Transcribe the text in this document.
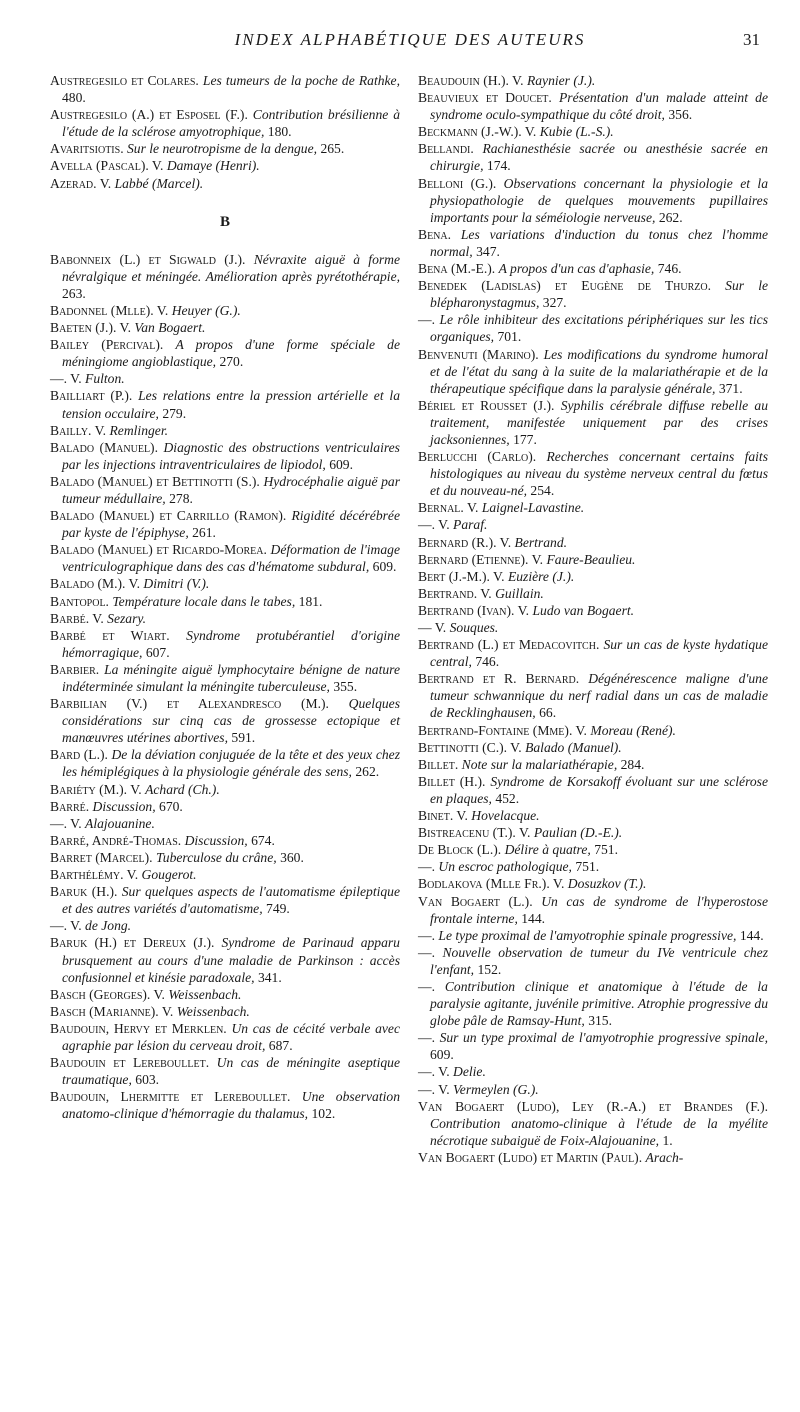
INDEX ALPHABÉTIQUE DES AUTEURS	31

Austregesilo et Colares. Les tumeurs de la poche de Rathke, 480.

Austregesilo (A.) et Esposel (F.). Contribution brésilienne à l'étude de la sclérose amyotrophique, 180.

Avaritsiotis. Sur le neurotropisme de la dengue, 265.

Avella (Pascal). V. Damaye (Henri).

Azerad. V. Labbé (Marcel).

B

Babonneix (L.) et Sigwald (J.). Névraxite aiguë à forme névralgique et méningée. Amélioration après pyrétothérapie, 263.

Badonnel (Mlle). V. Heuyer (G.).

Baeten (J.). V. Van Bogaert.

Bailey (Percival). A propos d'une forme spéciale de méningiome angioblastique, 270.

—. V. Fulton.

Bailliart (P.). Les relations entre la pression artérielle et la tension occulaire, 279.

Bailly. V. Remlinger.

Balado (Manuel). Diagnostic des obstructions ventriculaires par les injections intraventriculaires de lipiodol, 609.

Balado (Manuel) et Bettinotti (S.). Hydrocéphalie aiguë par tumeur médullaire, 278.

Balado (Manuel) et Carrillo (Ramon). Rigidité décérébrée par kyste de l'épiphyse, 261.

Balado (Manuel) et Ricardo-Morea. Déformation de l'image ventriculographique dans des cas d'hématome subdural, 609.

Balado (M.). V. Dimitri (V.).

Bantopol. Température locale dans le tabes, 181.

Barbé. V. Sezary.

Barbé et Wiart. Syndrome protubérantiel d'origine hémorragique, 607.

Barbier. La méningite aiguë lymphocytaire bénigne de nature indéterminée simulant la méningite tuberculeuse, 355.

Barbilian (V.) et Alexandresco (M.). Quelques considérations sur cinq cas de grossesse ectopique et manœuvres utérines abortives, 591.

Bard (L.). De la déviation conjuguée de la tête et des yeux chez les hémiplégiques à la physiologie générale des sens, 262.

Bariéty (M.). V. Achard (Ch.).

Barré. Discussion, 670.

—. V. Alajouanine.

Barré, André-Thomas. Discussion, 674.

Barret (Marcel). Tuberculose du crâne, 360.

Barthélémy. V. Gougerot.

Baruk (H.). Sur quelques aspects de l'automatisme épileptique et des autres variétés d'automatisme, 749.

—. V. de Jong.

Baruk (H.) et Dereux (J.). Syndrome de Parinaud apparu brusquement au cours d'une maladie de Parkinson : accès confusionnel et kinésie paradoxale, 341.

Basch (Georges). V. Weissenbach.

Basch (Marianne). V. Weissenbach.

Baudouin, Hervy et Merklen. Un cas de cécité verbale avec agraphie par lésion du cerveau droit, 687.

Baudouin et Lereboullet. Un cas de méningite aseptique traumatique, 603.

Baudouin, Lhermitte et Lereboullet. Une observation anatomo-clinique d'hémorragie du thalamus, 102.

Beaudouin (H.). V. Raynier (J.).

Beauvieux et Doucet. Présentation d'un malade atteint de syndrome oculo-sympathique du côté droit, 356.

Beckmann (J.-W.). V. Kubie (L.-S.).

Bellandi. Rachianesthésie sacrée ou anesthésie sacrée en chirurgie, 174.

Belloni (G.). Observations concernant la physiologie et la physiopathologie de quelques mouvements pupillaires importants pour la séméiologie nerveuse, 262.

Bena. Les variations d'induction du tonus chez l'homme normal, 347.

Bena (M.-E.). A propos d'un cas d'aphasie, 746.

Benedek (Ladislas) et Eugène de Thurzo. Sur le blépharonystagmus, 327.

—. Le rôle inhibiteur des excitations périphériques sur les tics organiques, 701.

Benvenuti (Marino). Les modifications du syndrome humoral et de l'état du sang à la suite de la malariathérapie et de la thérapeutique spécifique dans la paralysie générale, 371.

Bériel et Rousset (J.). Syphilis cérébrale diffuse rebelle au traitement, manifestée uniquement par des crises jacksoniennes, 177.

Berlucchi (Carlo). Recherches concernant certains faits histologiques au niveau du système nerveux central du fœtus et du nouveau-né, 254.

Bernal. V. Laignel-Lavastine.

—. V. Paraf.

Bernard (R.). V. Bertrand.

Bernard (Etienne). V. Faure-Beaulieu.

Bert (J.-M.). V. Euzière (J.).

Bertrand. V. Guillain.

Bertrand (Ivan). V. Ludo van Bogaert.

— V. Souques.

Bertrand (L.) et Medacovitch. Sur un cas de kyste hydatique central, 746.

Bertrand et R. Bernard. Dégénérescence maligne d'une tumeur schwannique du nerf radial dans un cas de maladie de Recklinghausen, 66.

Bertrand-Fontaine (Mme). V. Moreau (René).

Bettinotti (C.). V. Balado (Manuel).

Billet. Note sur la malariathérapie, 284.

Billet (H.). Syndrome de Korsakoff évoluant sur une sclérose en plaques, 452.

Binet. V. Hovelacque.

Bistreacenu (T.). V. Paulian (D.-E.).

De Block (L.). Délire à quatre, 751.

—. Un escroc pathologique, 751.

Bodlakova (Mlle Fr.). V. Dosuzkov (T.).

Van Bogaert (L.). Un cas de syndrome de l'hyperostose frontale interne, 144.

—. Le type proximal de l'amyotrophie spinale progressive, 144.

—. Nouvelle observation de tumeur du IVe ventricule chez l'enfant, 152.

—. Contribution clinique et anatomique à l'étude de la paralysie agitante, juvénile primitive. Atrophie progressive du globe pâle de Ramsay-Hunt, 315.

—. Sur un type proximal de l'amyotrophie progressive spinale, 609.

—. V. Delie.

—. V. Vermeylen (G.).

Van Bogaert (Ludo), Ley (R.-A.) et Brandes (F.). Contribution anatomo-clinique à l'étude de la myélite nécrotique subaiguë de Foix-Alajouanine, 1.

Van Bogaert (Ludo) et Martin (Paul). Arach-
